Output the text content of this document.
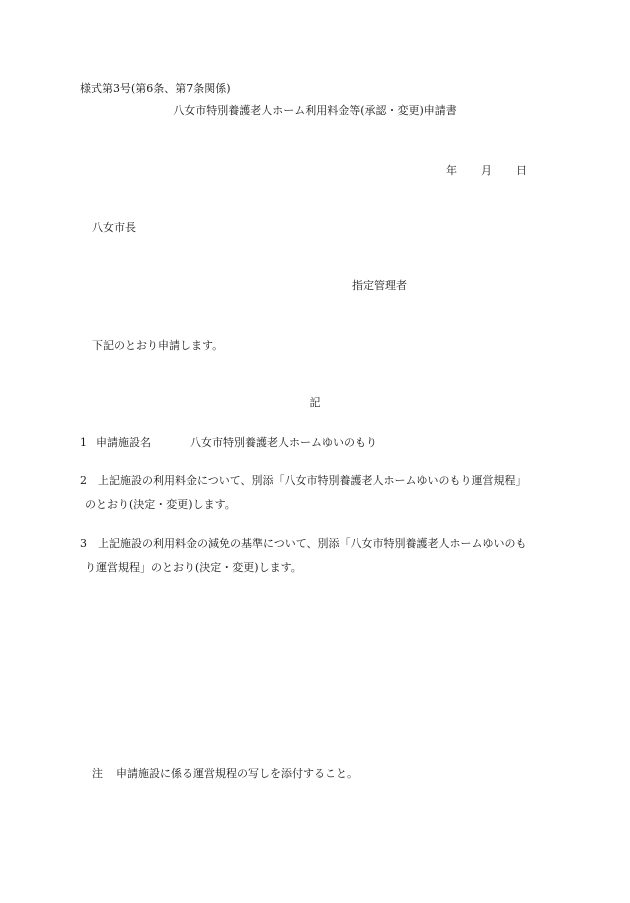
様式第3号(第6条、第7条関係)

八女市特別養護老人ホーム利用料金等(承認・変更)申請書

年 月 日

八女市長

指定管理者

下記のとおり申請します。

記

1 申請施設名	八女市特別養護老人ホームゆいのもり

2　 上記施設の利用料金について、別添「八女市特別養護老人ホームゆいのもり運営規程」
のとおり(決定・変更)します。
3　 上記施設の利用料金の減免の基準について、別添「八女市特別養護老人ホームゆいのも
り運営規程」のとおり(決定・変更)します。

注 申請施設に係る運営規程の写しを添付すること。
